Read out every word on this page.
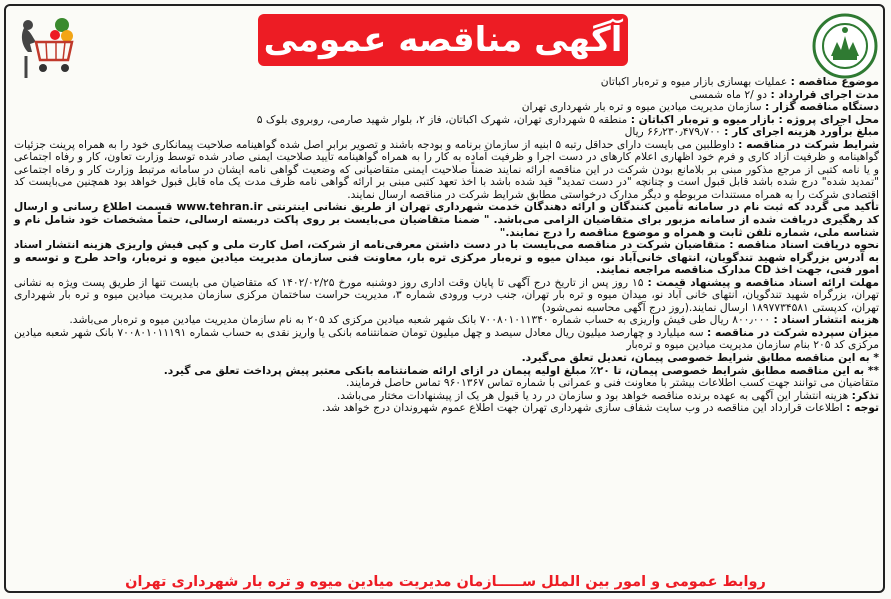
آگهی مناقصه عمومی

موضوع مناقصه : عملیات بهسازی بازار میوه و تره‌بار اکباتان

مدت اجرای قرارداد : دو /۲ ماه شمسی

دستگاه مناقصه گزار : سازمان مدیریت میادین میوه و تره بار شهرداری تهران

محل اجرای پروژه : بازار میوه و تره‌بار اکباتان : منطقه ۵ شهرداری تهران، شهرک اکباتان، فاز ۲، بلوار شهید صارمی، روبروی بلوک ۵

مبلغ برآورد هزینه اجرای کار : ۶۶٫۲۳۰٫۴۷۹٫۷۰۰ ریال

شرایط شرکت در مناقصه : داوطلبین می بایست دارای حداقل رتبه ۵ ابنیه از سازمان برنامه و بودجه باشند و تصویر برابر اصل شده گواهینامه صلاحیت پیمانکاری خود را به همراه پرینت جزئیات گواهینامه و ظرفیت آزاد کاری و فرم خود اظهاری اعلام کارهای در دست اجرا و ظرفیت آماده به کار را به همراه گواهینامه تأیید صلاحیت ایمنی صادر شده توسط وزارت تعاون، کار و رفاه اجتماعی و یا نامه کتبی از مرجع مذکور مبنی بر بلامانع بودن شرکت در این مناقصه ارائه نمایند ضمناً صلاحیت ایمنی متقاضیانی که وضعیت گواهی نامه ایشان در سامانه مرتبط وزارت کار و رفاه اجتماعی "تمدید شده" درج شده باشد قابل قبول است و چنانچه "در دست تمدید" قید شده باشد با اخذ تعهد کتبی مبنی بر ارائه گواهی نامه ظرف مدت یک ماه قابل قبول خواهد بود همچنین می‌بایست کد اقتصادی شرکت را به همراه مستندات مربوطه و دیگر مدارک درخواستی مطابق شرایط شرکت در مناقصه ارسال نمایند.

تأکید می گردد که ثبت نام در سامانه تأمین کنندگان و ارائه دهندگان خدمت شهرداری تهران از طریق نشانی اینترنتی www.tehran.ir قسمت اطلاع رسانی و ارسال کد رهگیری دریافت شده از سامانه مزبور برای متقاضیان الزامی می‌باشد. " ضمنا متقاضیان می‌بایست بر روی پاکت دربسته ارسالی، حتماً مشخصات خود شامل نام و شناسه ملی، شماره تلفن ثابت و همراه و موضوع مناقصه را درج نمایند."

نحوه دریافت اسناد مناقصه : متقاضیان شرکت در مناقصه می‌بایست با در دست داشتن معرفی‌نامه از شرکت، اصل کارت ملی و کپی فیش واریزی هزینه انتشار اسناد به آدرس بزرگراه شهید تندگویان، انتهای خانی‌آباد نو، میدان میوه و تره‌بار مرکزی تره بار، معاونت فنی سازمان مدیریت میادین میوه و تره‌بار، واحد طرح و توسعه و امور فنی، جهت اخذ CD مدارک مناقصه مراجعه نمایند.

مهلت ارائه اسناد مناقصه و پیشنهاد قیمت : ۱۵ روز پس از تاریخ درج آگهی تا پایان وقت اداری روز دوشنبه مورخ ۱۴۰۲/۰۲/۲۵ که متقاضیان می بایست تنها از طریق پست ویژه به نشانی تهران، بزرگراه شهید تندگویان، انتهای خانی آباد نو، میدان میوه و تره بار تهران، جنب درب ورودی شماره ۳، مدیریت حراست ساختمان مرکزی سازمان مدیریت میادین میوه و تره بار شهرداری تهران، کدپستی ۱۸۹۷۷۳۴۵۸۱ ارسال نمایند.(روز درج آگهی محاسبه نمی‌شود)

هزینه انتشار اسناد : ۸۰۰٫۰۰۰ ریال طی فیش واریزی به حساب شماره ۷۰۰۸۰۱۰۱۱۳۴۰ بانک شهر شعبه میادین مرکزی کد ۲۰۵ به نام سازمان مدیریت میادین میوه و تره‌بار می‌باشد.

میزان سپرده شرکت در مناقصه : سه میلیارد و چهارصد میلیون ریال معادل سیصد و چهل میلیون تومان ضمانتنامه بانکی یا واریز نقدی به حساب شماره ۷۰۰۸۰۱۰۱۱۱۹۱ بانک شهر شعبه میادین مرکزی کد ۲۰۵ بنام سازمان مدیریت میادین میوه و تره‌بار

* به این مناقصه مطابق شرایط خصوصی پیمان، تعدیل تعلق می‌گیرد.

** به این مناقصه مطابق شرایط خصوصی پیمان، تا ۲۰٪ مبلغ اولیه پیمان در ازای ارائه ضمانتنامه بانکی معتبر پیش پرداخت تعلق می گیرد.

متقاضیان می توانند جهت کسب اطلاعات بیشتر با معاونت فنی و عمرانی با شماره تماس ۹۶۰۱۳۶۷ تماس حاصل فرمایند.

تذکر: هزینه انتشار این آگهی به عهده برنده مناقصه خواهد بود و سازمان در رد یا قبول هر یک از پیشنهادات مختار می‌باشد.

توجه : اطلاعات قرارداد این مناقصه در وب سایت شفاف سازی شهرداری تهران جهت اطلاع عموم شهروندان درج خواهد شد.

روابط عمومی و امور بین الملل ســـــازمان مدیریت میادین میوه و تره بار شهرداری تهران
